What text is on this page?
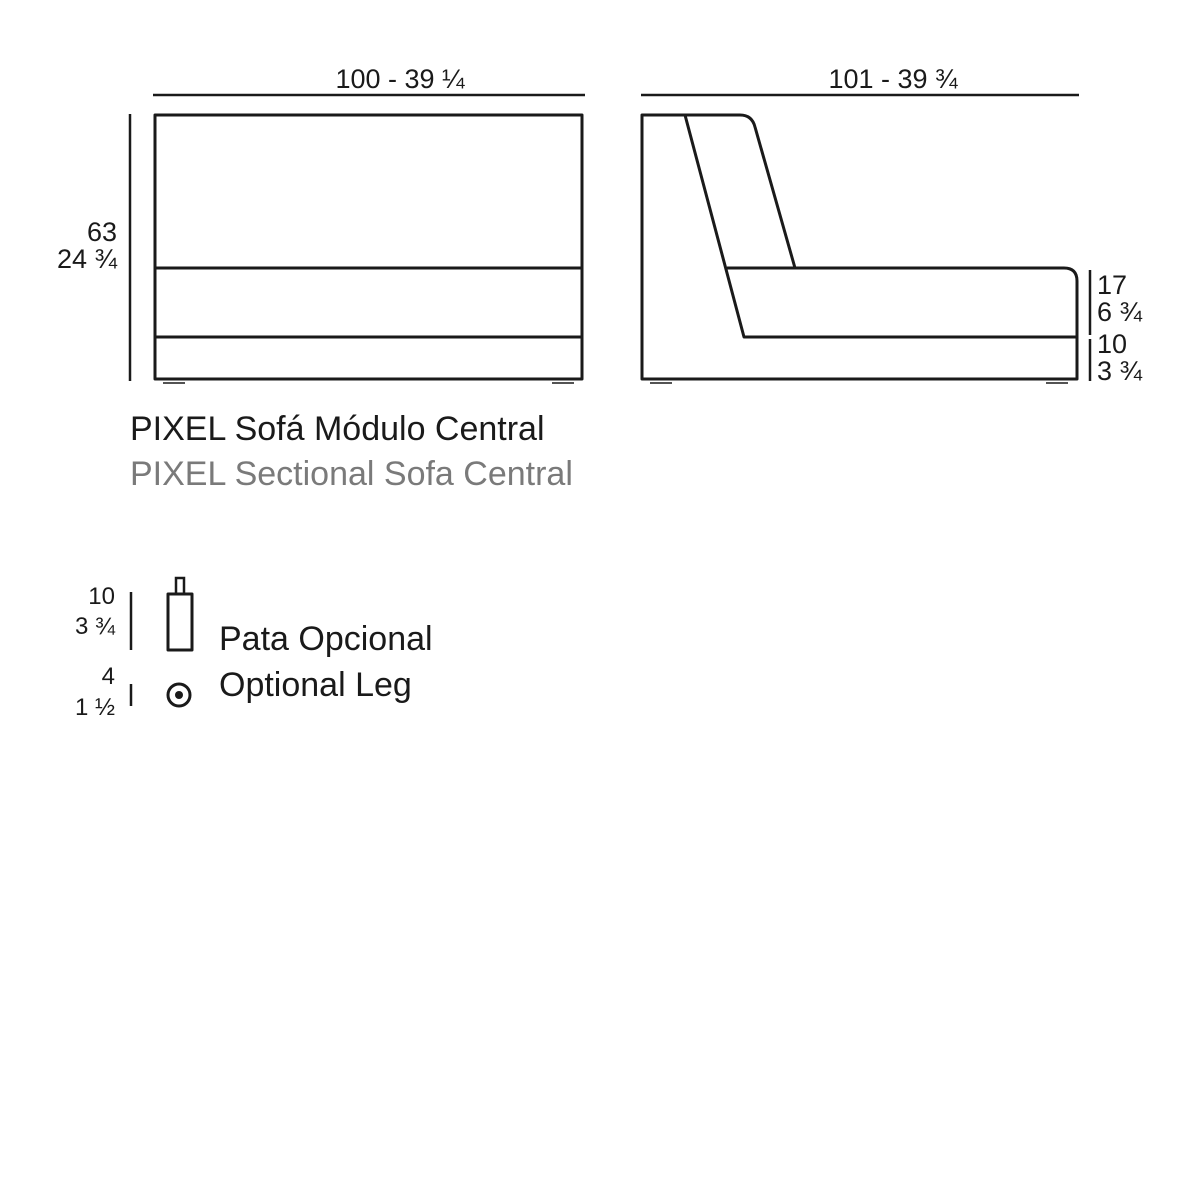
100 - 39 ¼
63
24 ¾
101 - 39 ¾
17
6 ¾
10
3 ¾
PIXEL Sofá Módulo Central
PIXEL Sectional Sofa Central
10
3 ¾
4
1 ½
Pata Opcional
Optional Leg
